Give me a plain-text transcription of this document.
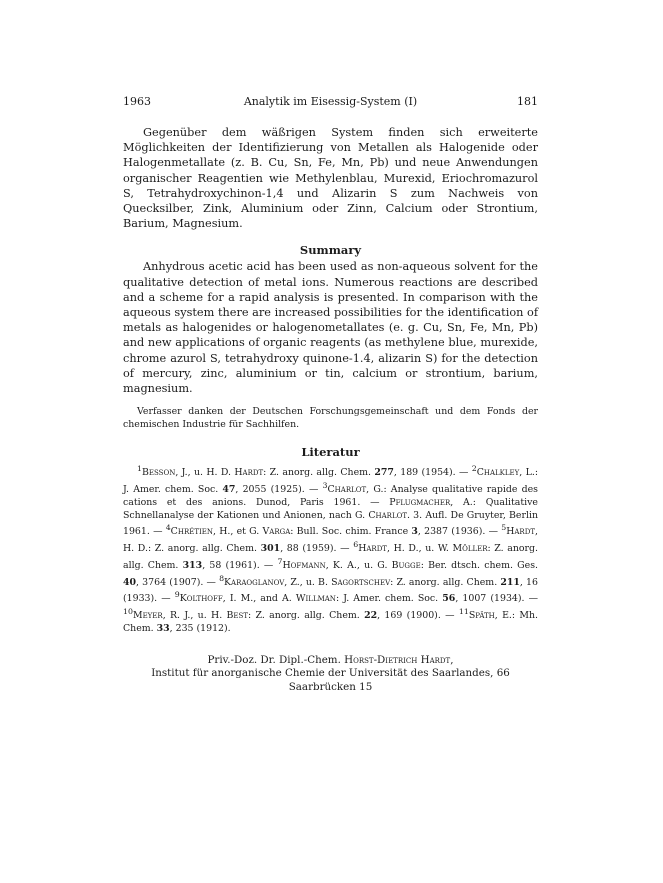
1963	Analytik im Eisessig-System (I)	181

Gegenüber dem wäßrigen System finden sich erweiterte Möglichkeiten der Identifizierung von Metallen als Halogenide oder Halogenmetallate (z. B. Cu, Sn, Fe, Mn, Pb) und neue Anwendungen organischer Reagentien wie Methylenblau, Murexid, Eriochromazurol S, Tetrahydroxychinon-1,4 und Alizarin S zum Nachweis von Quecksilber, Zink, Aluminium oder Zinn, Calcium oder Strontium, Barium, Magnesium.

Summary

Anhydrous acetic acid has been used as non-aqueous solvent for the qualitative detection of metal ions. Numerous reactions are described and a scheme for a rapid analysis is presented. In comparison with the aqueous system there are increased possibilities for the identification of metals as halogenides or halogenometallates (e. g. Cu, Sn, Fe, Mn, Pb) and new applications of organic reagents (as methylene blue, murexide, chrome azurol S, tetrahydroxy quinone-1.4, alizarin S) for the detection of mercury, zinc, aluminium or tin, calcium or strontium, barium, magnesium.

Verfasser danken der Deutschen Forschungsgemeinschaft und dem Fonds der chemischen Industrie für Sachhilfen.

Literatur

$^1$Besson, J., u. H. D. Hardt: Z. anorg. allg. Chem. 277, 189 (1954). — $^2$Chalkley, L.: J. Amer. chem. Soc. 47, 2055 (1925). — $^3$Charlot, G.: Analyse qualitative rapide des cations et des anions. Dunod, Paris 1961. — Pflugmacher, A.: Qualitative Schnellanalyse der Kationen und Anionen, nach G. Charlot. 3. Aufl. De Gruyter, Berlin 1961. — $^4$Chrétien, H., et G. Varga: Bull. Soc. chim. France 3, 2387 (1936). — $^5$Hardt, H. D.: Z. anorg. allg. Chem. 301, 88 (1959). — $^6$Hardt, H. D., u. W. Möller: Z. anorg. allg. Chem. 313, 58 (1961). — $^7$Hofmann, K. A., u. G. Bugge: Ber. dtsch. chem. Ges. 40, 3764 (1907). — $^8$Karaoglanov, Z., u. B. Sagortschev: Z. anorg. allg. Chem. 211, 16 (1933). — $^9$Kolthoff, I. M., and A. Willman: J. Amer. chem. Soc. 56, 1007 (1934). — $^{10}$Meyer, R. J., u. H. Best: Z. anorg. allg. Chem. 22, 169 (1900). — $^{11}$Späth, E.: Mh. Chem. 33, 235 (1912).

Priv.-Doz. Dr. Dipl.-Chem. Horst-Dietrich Hardt,
Institut für anorganische Chemie der Universität des Saarlandes, 66 Saarbrücken 15
